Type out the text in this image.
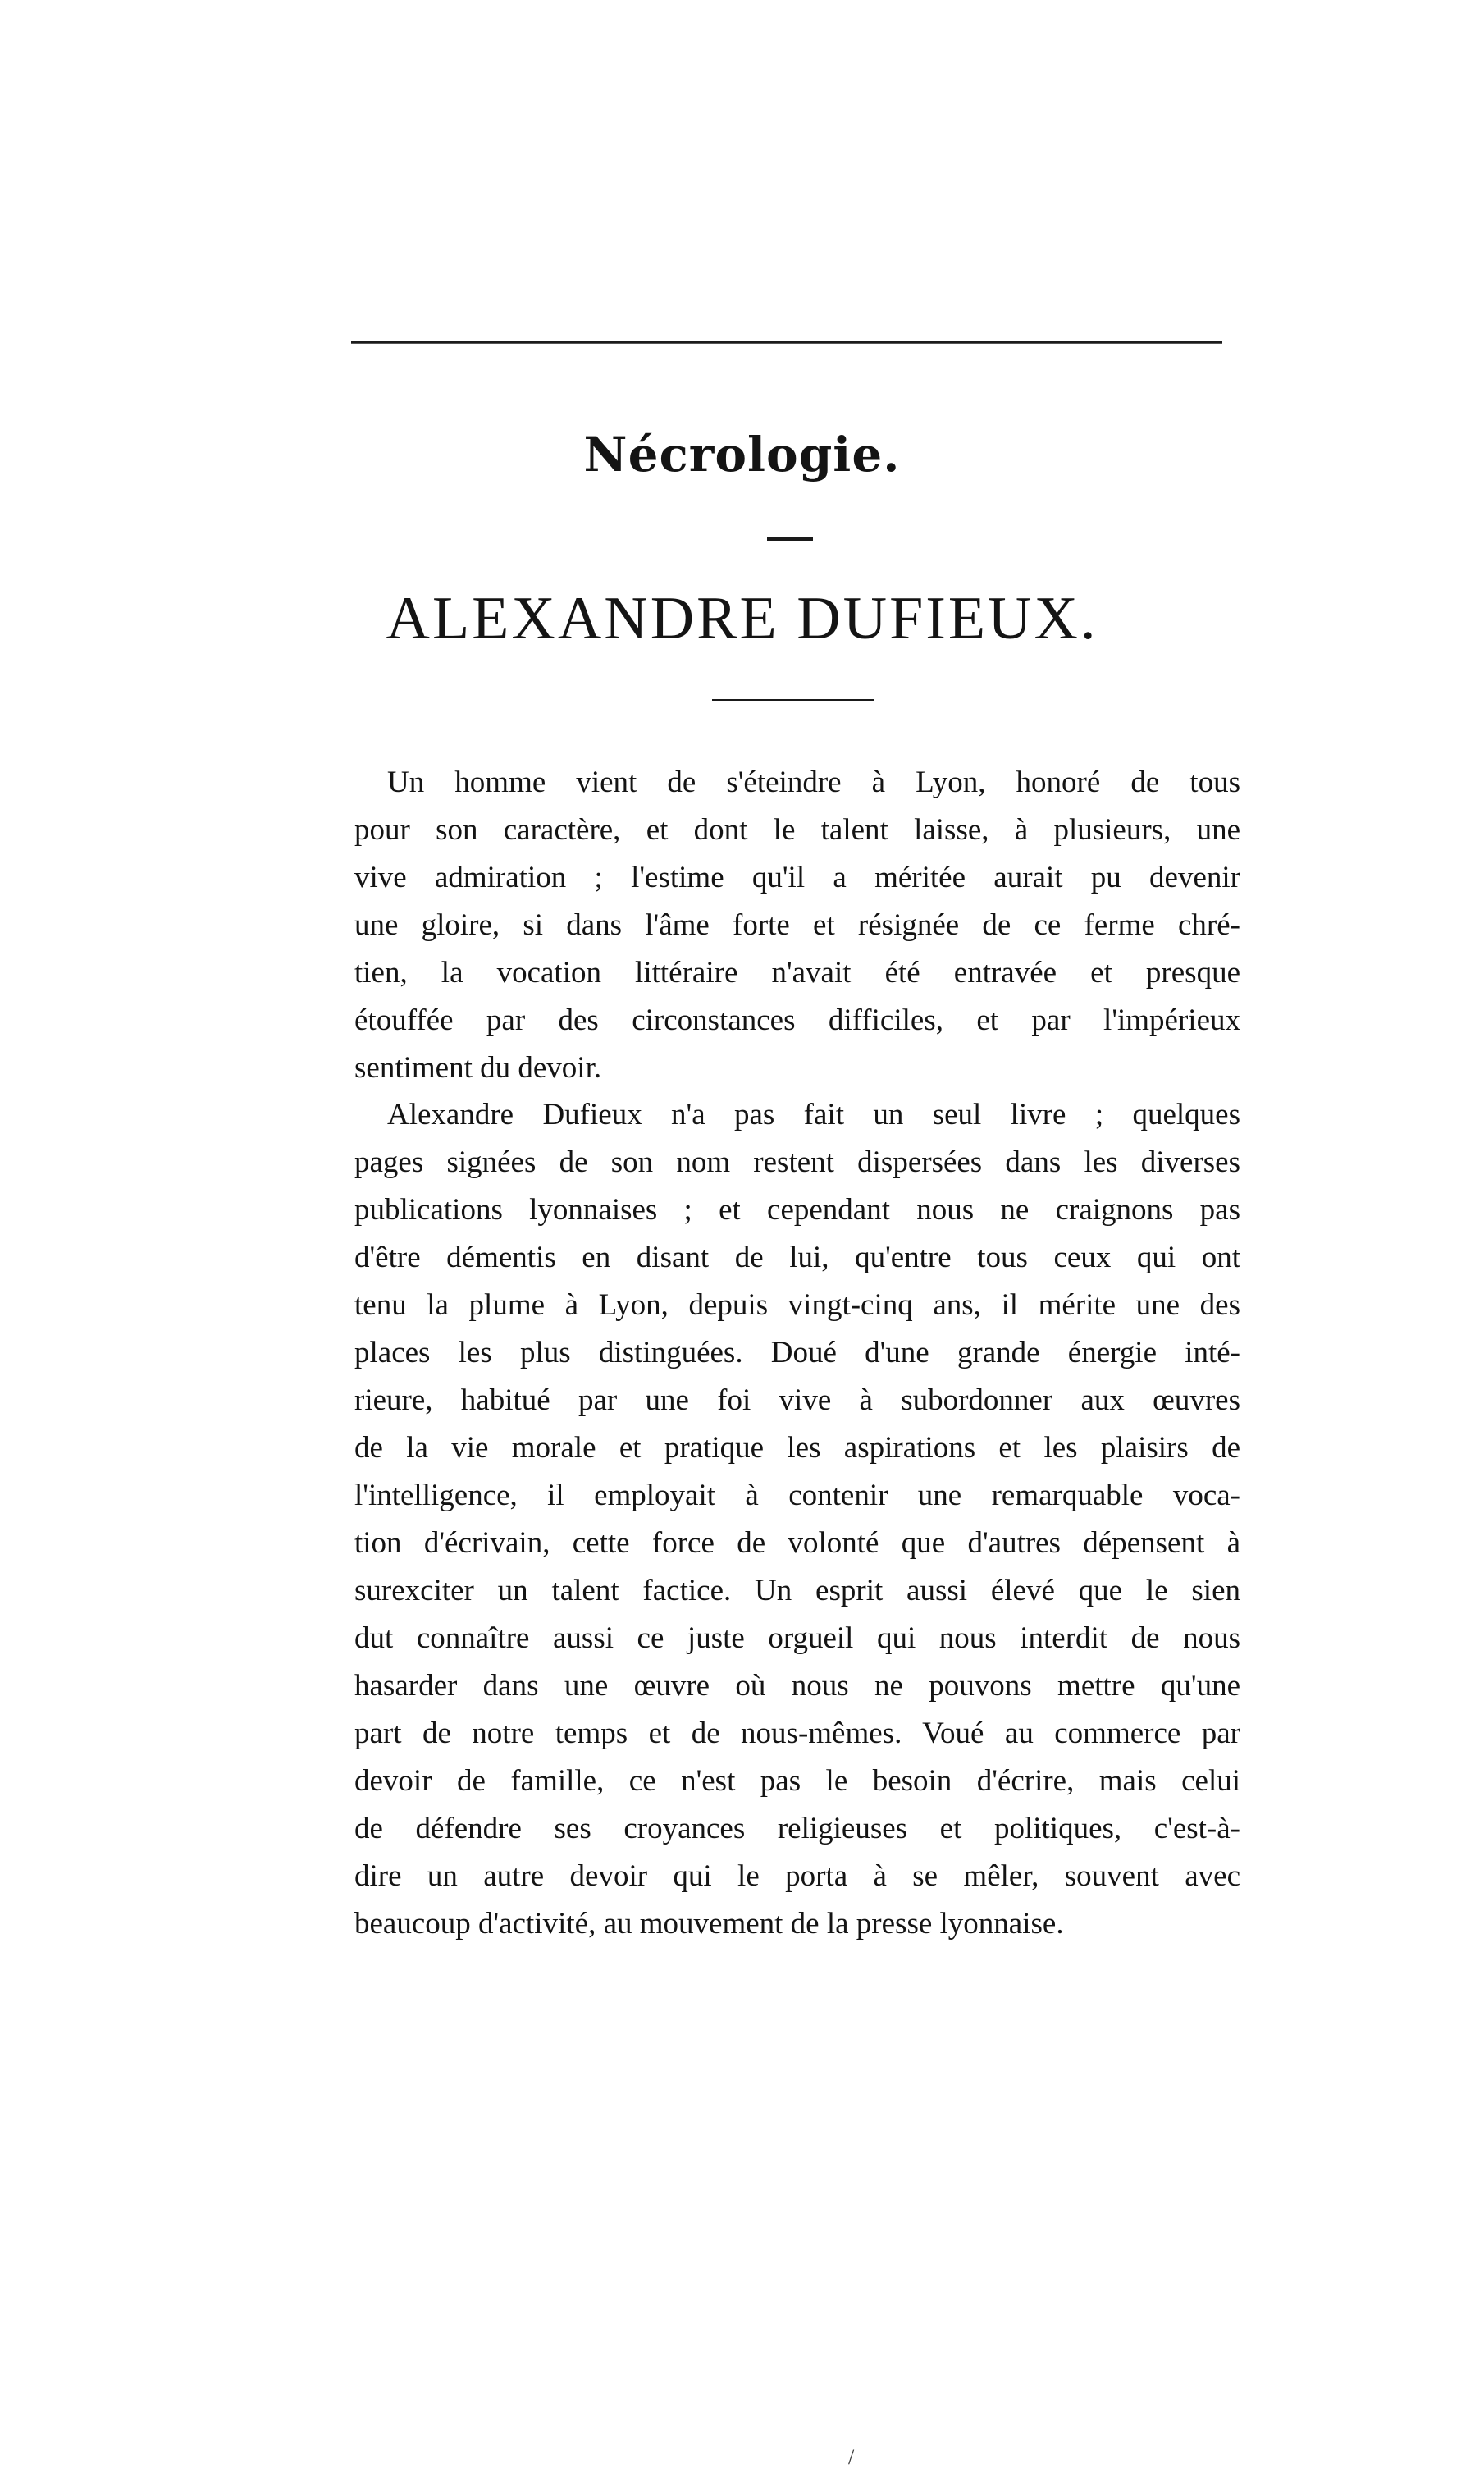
Nécrologie.
ALEXANDRE DUFIEUX.
Un homme vient de s'éteindre à Lyon, honoré de tous
pour son caractère, et dont le talent laisse, à plusieurs, une
vive admiration ; l'estime qu'il a méritée aurait pu devenir
une gloire, si dans l'âme forte et résignée de ce ferme chré-
tien, la vocation littéraire n'avait été entravée et presque
étouffée par des circonstances difficiles, et par l'impérieux
sentiment du devoir.
Alexandre Dufieux n'a pas fait un seul livre ; quelques
pages signées de son nom restent dispersées dans les diverses
publications lyonnaises ; et cependant nous ne craignons pas
d'être démentis en disant de lui, qu'entre tous ceux qui ont
tenu la plume à Lyon, depuis vingt-cinq ans, il mérite une des
places les plus distinguées. Doué d'une grande énergie inté-
rieure, habitué par une foi vive à subordonner aux œuvres
de la vie morale et pratique les aspirations et les plaisirs de
l'intelligence, il employait à contenir une remarquable voca-
tion d'écrivain, cette force de volonté que d'autres dépensent à
surexciter un talent factice. Un esprit aussi élevé que le sien
dut connaître aussi ce juste orgueil qui nous interdit de nous
hasarder dans une œuvre où nous ne pouvons mettre qu'une
part de notre temps et de nous-mêmes. Voué au commerce par
devoir de famille, ce n'est pas le besoin d'écrire, mais celui
de défendre ses croyances religieuses et politiques, c'est-à-
dire un autre devoir qui le porta à se mêler, souvent avec
beaucoup d'activité, au mouvement de la presse lyonnaise.
/
